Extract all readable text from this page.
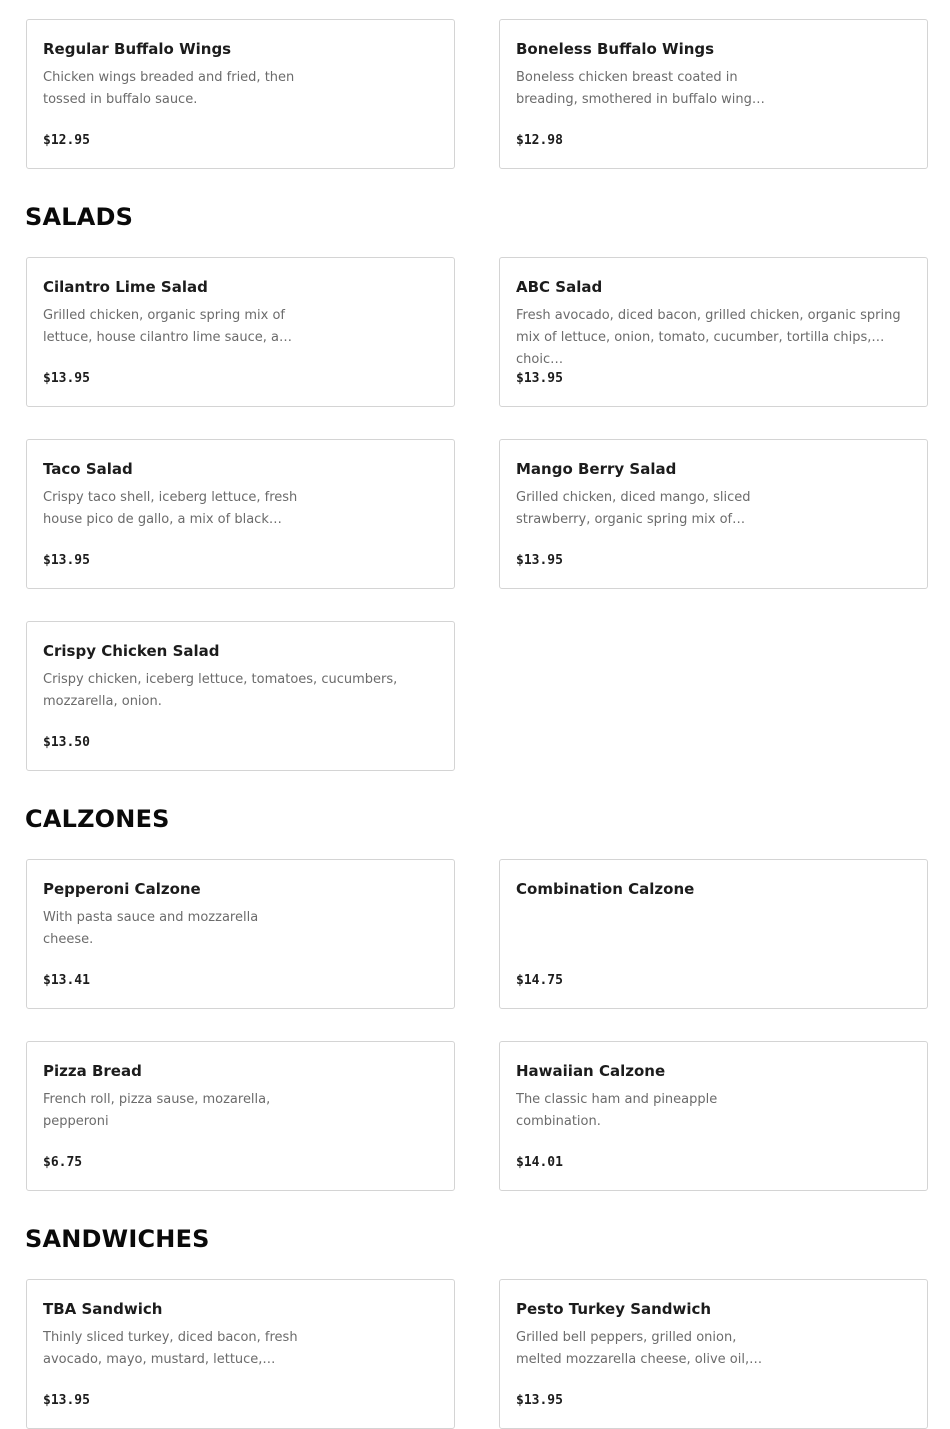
Regular Buffalo Wings
Chicken wings breaded and fried, then tossed in buffalo sauce.
$12.95
Boneless Buffalo Wings
Boneless chicken breast coated in breading, smothered in buffalo wing…
$12.98
SALADS
Cilantro Lime Salad
Grilled chicken, organic spring mix of lettuce, house cilantro lime sauce, a…
$13.95
ABC Salad
Fresh avocado, diced bacon, grilled chicken, organic spring mix of lettuce, onion, tomato, cucumber, tortilla chips, choic…
$13.95
Taco Salad
Crispy taco shell, iceberg lettuce, fresh house pico de gallo, a mix of black…
$13.95
Mango Berry Salad
Grilled chicken, diced mango, sliced strawberry, organic spring mix of…
$13.95
Crispy Chicken Salad
Crispy chicken, iceberg lettuce, tomatoes, cucumbers, mozzarella, onion.
$13.50
CALZONES
Pepperoni Calzone
With pasta sauce and mozzarella cheese.
$13.41
Combination Calzone
$14.75
Pizza Bread
French roll, pizza sause, mozarella, pepperoni
$6.75
Hawaiian Calzone
The classic ham and pineapple combination.
$14.01
SANDWICHES
TBA Sandwich
Thinly sliced turkey, diced bacon, fresh avocado, mayo, mustard, lettuce,…
$13.95
Pesto Turkey Sandwich
Grilled bell peppers, grilled onion, melted mozzarella cheese, olive oil,…
$13.95
